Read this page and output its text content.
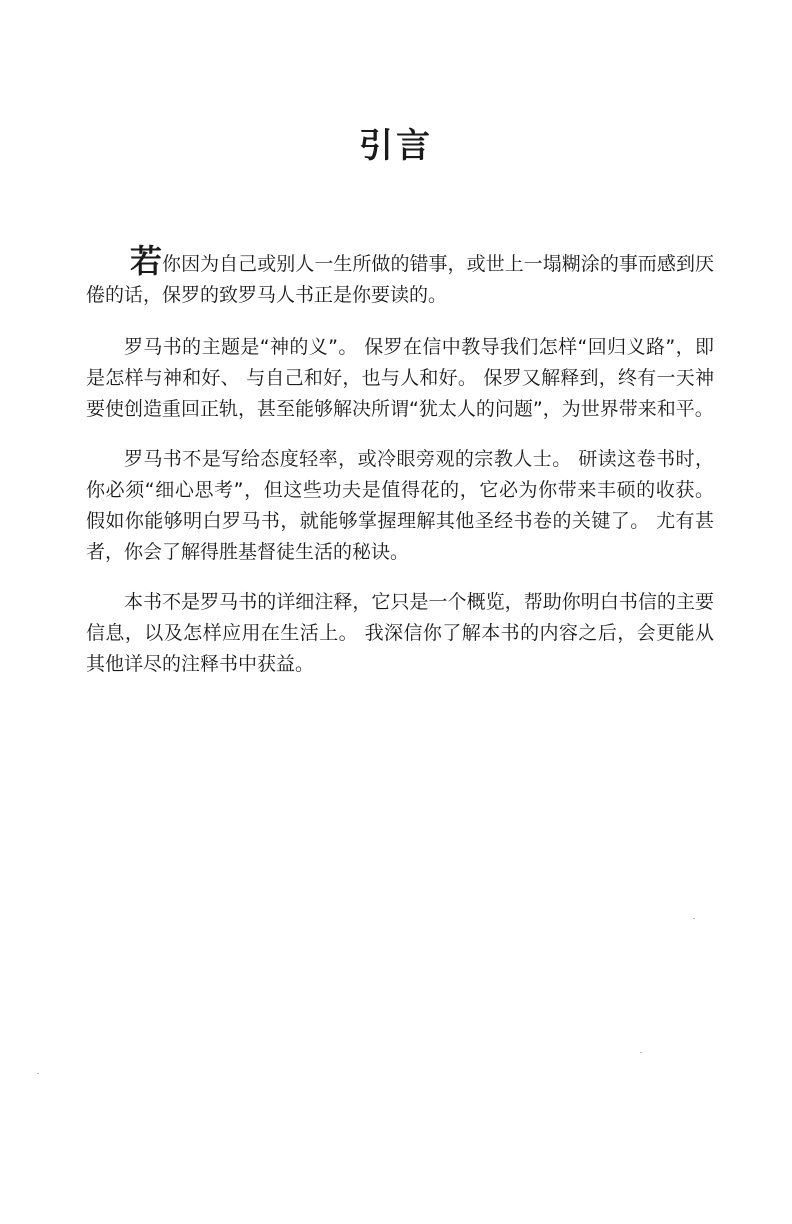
引言

若你因为自己或别人一生所做的错事，或世上一塌糊涂的事而感到厌倦的话，保罗的致罗马人书正是你要读的。

罗马书的主题是“神的义”。 保罗在信中教导我们怎样“回归义路”，即是怎样与神和好、 与自己和好，也与人和好。 保罗又解释到，终有一天神要使创造重回正轨，甚至能够解决所谓“犹太人的问题”，为世界带来和平。

罗马书不是写给态度轻率，或冷眼旁观的宗教人士。 研读这卷书时，你必须“细心思考”，但这些功夫是值得花的，它必为你带来丰硕的收获。 假如你能够明白罗马书，就能够掌握理解其他圣经书卷的关键了。 尤有甚者，你会了解得胜基督徒生活的秘诀。

本书不是罗马书的详细注释，它只是一个概览，帮助你明白书信的主要信息，以及怎样应用在生活上。 我深信你了解本书的内容之后，会更能从其他详尽的注释书中获益。
